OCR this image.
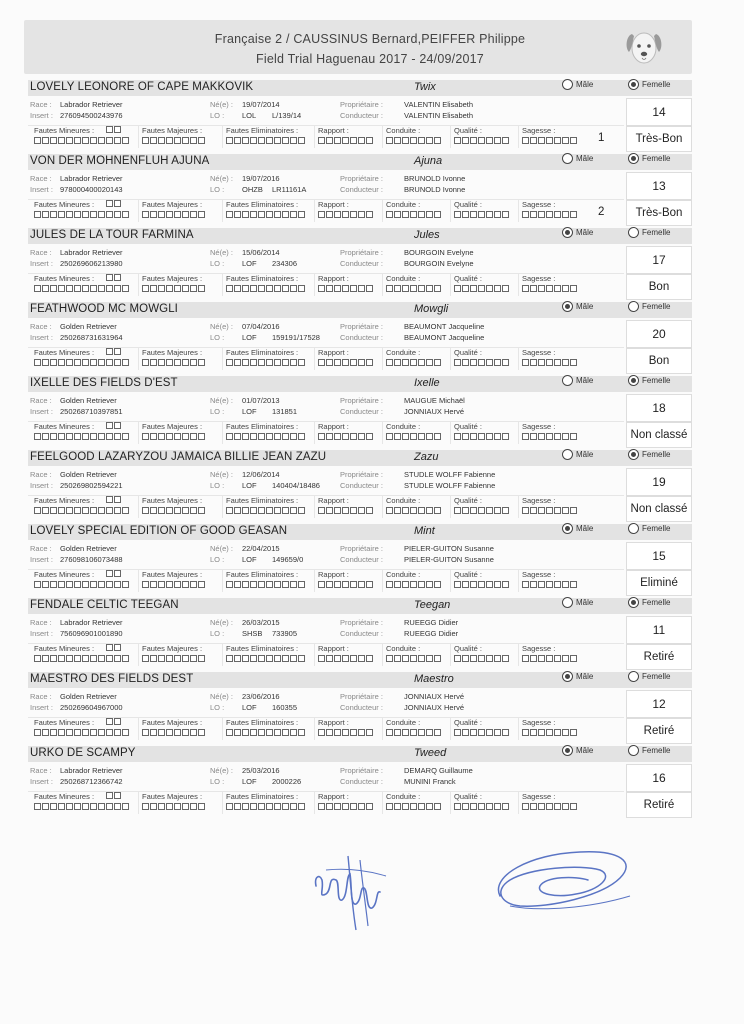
Française 2 / CAUSSINUS Bernard,PEIFFER Philippe
Field Trial Haguenau 2017 - 24/09/2017
LOVELY LEONORE OF CAPE MAKKOVIK	Twix	Mâle	Femelle
Race : Labrador Retriever
Insert : 276094500243976
Né(e) : 19/07/2014
LO : LOL L/139/14
Propriétaire :	VALENTIN Elisabeth
Conducteur :	VALENTIN Elisabeth
Fautes Mineures :	Fautes Majeures :	Fautes Eliminatoires :	Rapport :	Conduite :	Qualité :	Sagesse :
14
1	Très-Bon
VON DER MOHNENFLUH AJUNA	Ajuna	Mâle	Femelle
Race : Labrador Retriever
Insert : 978000400020143
Né(e) : 19/07/2016
LO : OHZB LR11161A
Propriétaire :	BRUNOLD Ivonne
Conducteur :	BRUNOLD Ivonne
Fautes Mineures :	Fautes Majeures :	Fautes Eliminatoires :	Rapport :	Conduite :	Qualité :	Sagesse :
13
2	Très-Bon
JULES DE LA TOUR FARMINA	Jules	Mâle	Femelle
Race : Labrador Retriever
Insert : 250269606213980
Né(e) : 15/06/2014
LO : LOF 234306
Propriétaire :	BOURGOIN Evelyne
Conducteur :	BOURGOIN Evelyne
Fautes Mineures :	Fautes Majeures :	Fautes Eliminatoires :	Rapport :	Conduite :	Qualité :	Sagesse :
17
Bon
FEATHWOOD MC MOWGLI	Mowgli	Mâle	Femelle
Race : Golden Retriever
Insert : 250268731631964
Né(e) : 07/04/2016
LO : LOF 159191/17528
Propriétaire :	BEAUMONT Jacqueline
Conducteur :	BEAUMONT Jacqueline
Fautes Mineures :	Fautes Majeures :	Fautes Eliminatoires :	Rapport :	Conduite :	Qualité :	Sagesse :
20
Bon
IXELLE DES FIELDS D'EST	Ixelle	Mâle	Femelle
Race : Golden Retriever
Insert : 250268710397851
Né(e) : 01/07/2013
LO : LOF 131851
Propriétaire :	MAUGUE Michaël
Conducteur :	JONNIAUX Hervé
Fautes Mineures :	Fautes Majeures :	Fautes Eliminatoires :	Rapport :	Conduite :	Qualité :	Sagesse :
18
Non classé
FEELGOOD LAZARYZOU JAMAICA BILLIE JEAN ZAZU	Zazu	Mâle	Femelle
Race : Golden Retriever
Insert : 250269802594221
Né(e) : 12/06/2014
LO : LOF 140404/18486
Propriétaire :	STUDLE WOLFF Fabienne
Conducteur :	STUDLE WOLFF Fabienne
Fautes Mineures :	Fautes Majeures :	Fautes Eliminatoires :	Rapport :	Conduite :	Qualité :	Sagesse :
19
Non classé
LOVELY SPECIAL EDITION OF GOOD GEASAN	Mint	Mâle	Femelle
Race : Golden Retriever
Insert : 276098106073488
Né(e) : 22/04/2015
LO : LOF 149659/0
Propriétaire :	PIELER-GUITON Susanne
Conducteur :	PIELER-GUITON Susanne
Fautes Mineures :	Fautes Majeures :	Fautes Eliminatoires :	Rapport :	Conduite :	Qualité :	Sagesse :
15
Eliminé
FENDALE CELTIC TEEGAN	Teegan	Mâle	Femelle
Race : Labrador Retriever
Insert : 756096901001890
Né(e) : 26/03/2015
LO : SHSB 733905
Propriétaire :	RUEEGG Didier
Conducteur :	RUEEGG Didier
Fautes Mineures :	Fautes Majeures :	Fautes Eliminatoires :	Rapport :	Conduite :	Qualité :	Sagesse :
11
Retiré
MAESTRO DES FIELDS DEST	Maestro	Mâle	Femelle
Race : Golden Retriever
Insert : 250269604967000
Né(e) : 23/06/2016
LO : LOF 160355
Propriétaire :	JONNIAUX Hervé
Conducteur :	JONNIAUX Hervé
Fautes Mineures :	Fautes Majeures :	Fautes Eliminatoires :	Rapport :	Conduite :	Qualité :	Sagesse :
12
Retiré
URKO DE SCAMPY	Tweed	Mâle	Femelle
Race : Labrador Retriever
Insert : 250268712366742
Né(e) : 25/03/2016
LO : LOF 2000226
Propriétaire :	DEMARQ Guillaume
Conducteur :	MUNINI Franck
Fautes Mineures :	Fautes Majeures :	Fautes Eliminatoires :	Rapport :	Conduite :	Qualité :	Sagesse :
16
Retiré
